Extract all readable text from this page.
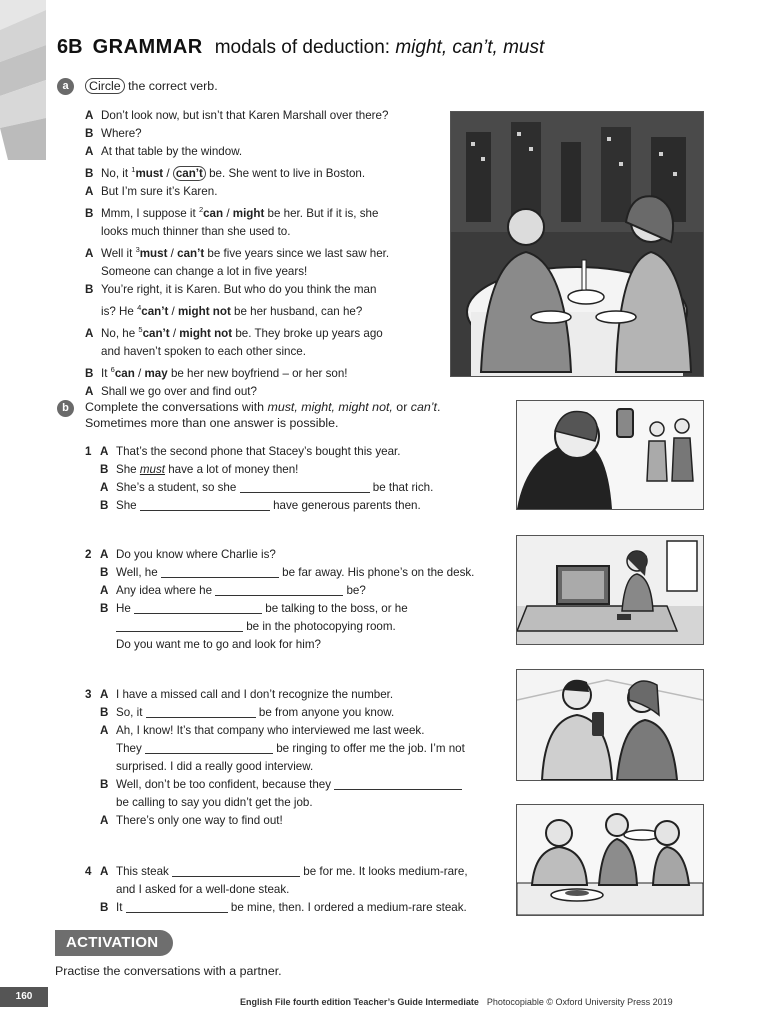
6B GRAMMAR modals of deduction: might, can’t, must
a	Circle the correct verb.
A Don’t look now, but isn’t that Karen Marshall over there?
B Where?
A At that table by the window.
B No, it $^1$must / can’t be. She went to live in Boston.
A But I’m sure it’s Karen.
B Mmm, I suppose it $^2$can / might be her. But if it is, she
looks much thinner than she used to.
A Well it $^3$must / can’t be five years since we last saw her.
Someone can change a lot in five years!
B You’re right, it is Karen. But who do you think the man
is? He $^4$can’t / might not be her husband, can he?
A No, he $^5$can’t / might not be. They broke up years ago
and haven’t spoken to each other since.
B It $^6$can / may be her new boyfriend – or her son!
A Shall we go over and find out?
b	Complete the conversations with must, might, might not, or can’t.
Sometimes more than one answer is possible.
1 A That’s the second phone that Stacey’s bought this year.
B She must have a lot of money then!
A She’s a student, so she	be that rich.
B She	have generous parents then.
2 A Do you know where Charlie is?
B Well, he	be far away. His phone’s on the desk.
A Any idea where he	be?
B He	be talking to the boss, or he
be in the photocopying room.
Do you want me to go and look for him?
3 A I have a missed call and I don’t recognize the number.
B So, it	be from anyone you know.
A Ah, I know! It’s that company who interviewed me last week.
They	be ringing to offer me the job. I’m not
surprised. I did a really good interview.
B Well, don’t be too confident, because they
be calling to say you didn’t get the job.
A There’s only one way to find out!
4 A This steak	be for me. It looks medium-rare,
and I asked for a well-done steak.
B It	be mine, then. I ordered a medium-rare steak.
ACTIVATION
Practise the conversations with a partner.
160	English File fourth edition Teacher’s Guide Intermediate Photocopiable © Oxford University Press 2019
